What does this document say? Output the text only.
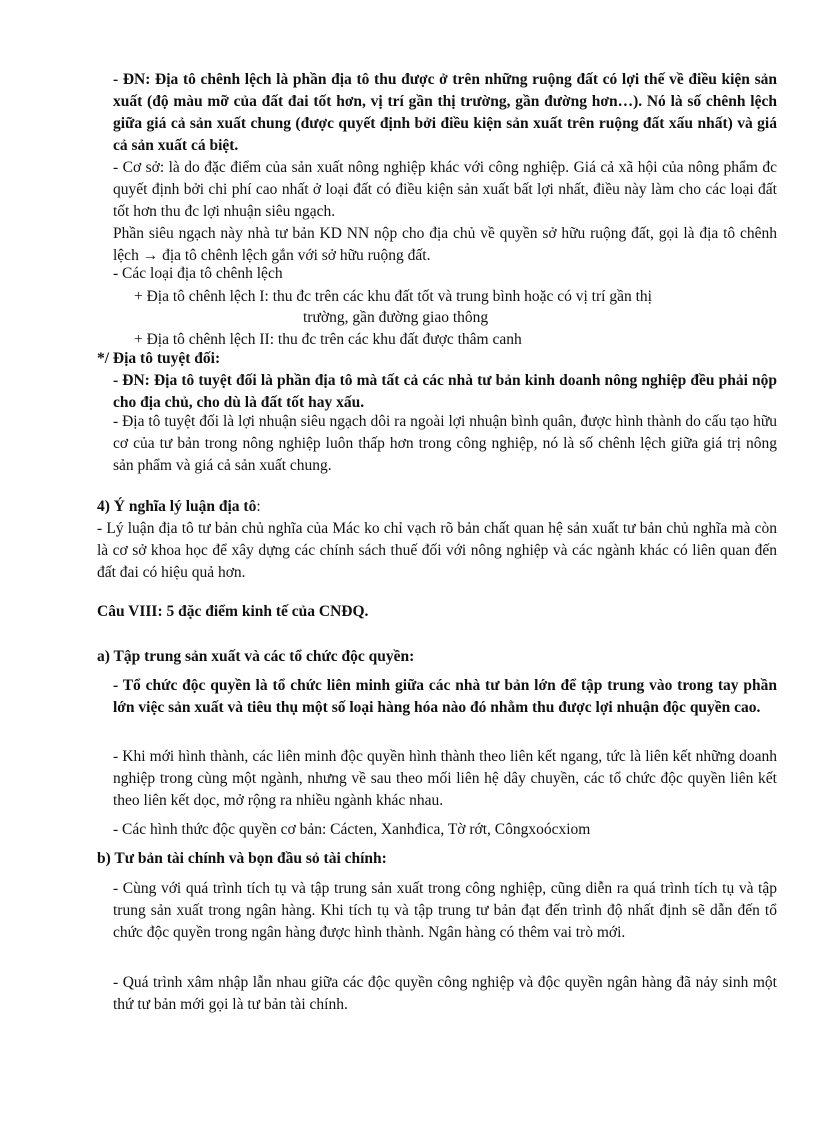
- ĐN: Địa tô chênh lệch là phần địa tô thu được ở trên những ruộng đất có lợi thế về điều kiện sản xuất (độ màu mỡ của đất đai tốt hơn, vị trí gần thị trường, gần đường hơn…). Nó là số chênh lệch giữa giá cả sản xuất chung (được quyết định bởi điều kiện sản xuất trên ruộng đất xấu nhất) và giá cả sản xuất cá biệt.

- Cơ sở: là do đặc điểm của sản xuất nông nghiệp khác với công nghiệp. Giá cả xã hội của nông phẩm đc quyết định bởi chi phí cao nhất ở loại đất có điều kiện sản xuất bất lợi nhất, điều này làm cho các loại đất tốt hơn thu đc lợi nhuận siêu ngạch.

Phần siêu ngạch này nhà tư bản KD NN nộp cho địa chủ về quyền sở hữu ruộng đất, gọi là địa tô chênh lệch → địa tô chênh lệch gắn với sở hữu ruộng đất.

- Các loại địa tô chênh lệch

+ Địa tô chênh lệch I: thu đc trên các khu đất tốt và trung bình hoặc có vị trí gần thị

trường, gần đường giao thông

+ Địa tô chênh lệch II: thu đc trên các khu đất được thâm canh

*/ Địa tô tuyệt đối:

- ĐN: Địa tô tuyệt đối là phần địa tô mà tất cả các nhà tư bản kinh doanh nông nghiệp đều phải nộp cho địa chủ, cho dù là đất tốt hay xấu.

- Địa tô tuyệt đối là lợi nhuận siêu ngạch dôi ra ngoài lợi nhuận bình quân, được hình thành do cấu tạo hữu cơ của tư bản trong nông nghiệp luôn thấp hơn trong công nghiệp, nó là số chênh lệch giữa giá trị nông sản phẩm và giá cả sản xuất chung.

4) Ý nghĩa lý luận địa tô:

- Lý luận địa tô tư bản chủ nghĩa của Mác ko chỉ vạch rõ bản chất quan hệ sản xuất tư bản chủ nghĩa mà còn là cơ sở khoa học để xây dựng các chính sách thuế đối với nông nghiệp và các ngành khác có liên quan đến đất đai có hiệu quả hơn.

Câu VIII: 5 đặc điểm kinh tế của CNĐQ.

a) Tập trung sản xuất và các tổ chức độc quyền:

- Tổ chức độc quyền là tổ chức liên minh giữa các nhà tư bản lớn để tập trung vào trong tay phần lớn việc sản xuất và tiêu thụ một số loại hàng hóa nào đó nhằm thu được lợi nhuận độc quyền cao.

- Khi mới hình thành, các liên minh độc quyền hình thành theo liên kết ngang, tức là liên kết những doanh nghiệp trong cùng một ngành, nhưng về sau theo mối liên hệ dây chuyền, các tổ chức độc quyền liên kết theo liên kết dọc, mở rộng ra nhiều ngành khác nhau.

- Các hình thức độc quyền cơ bản: Cácten, Xanhđica, Tờ rớt, Côngxoócxiom

b) Tư bản tài chính và bọn đầu sỏ tài chính:

- Cùng với quá trình tích tụ và tập trung sản xuất trong công nghiệp, cũng diễn ra quá trình tích tụ và tập trung sản xuất trong ngân hàng. Khi tích tụ và tập trung tư bản đạt đến trình độ nhất định sẽ dẫn đến tổ chức độc quyền trong ngân hàng được hình thành. Ngân hàng có thêm vai trò mới.

- Quá trình xâm nhập lẫn nhau giữa các độc quyền công nghiệp và độc quyền ngân hàng đã nảy sinh một thứ tư bản mới gọi là tư bản tài chính.
